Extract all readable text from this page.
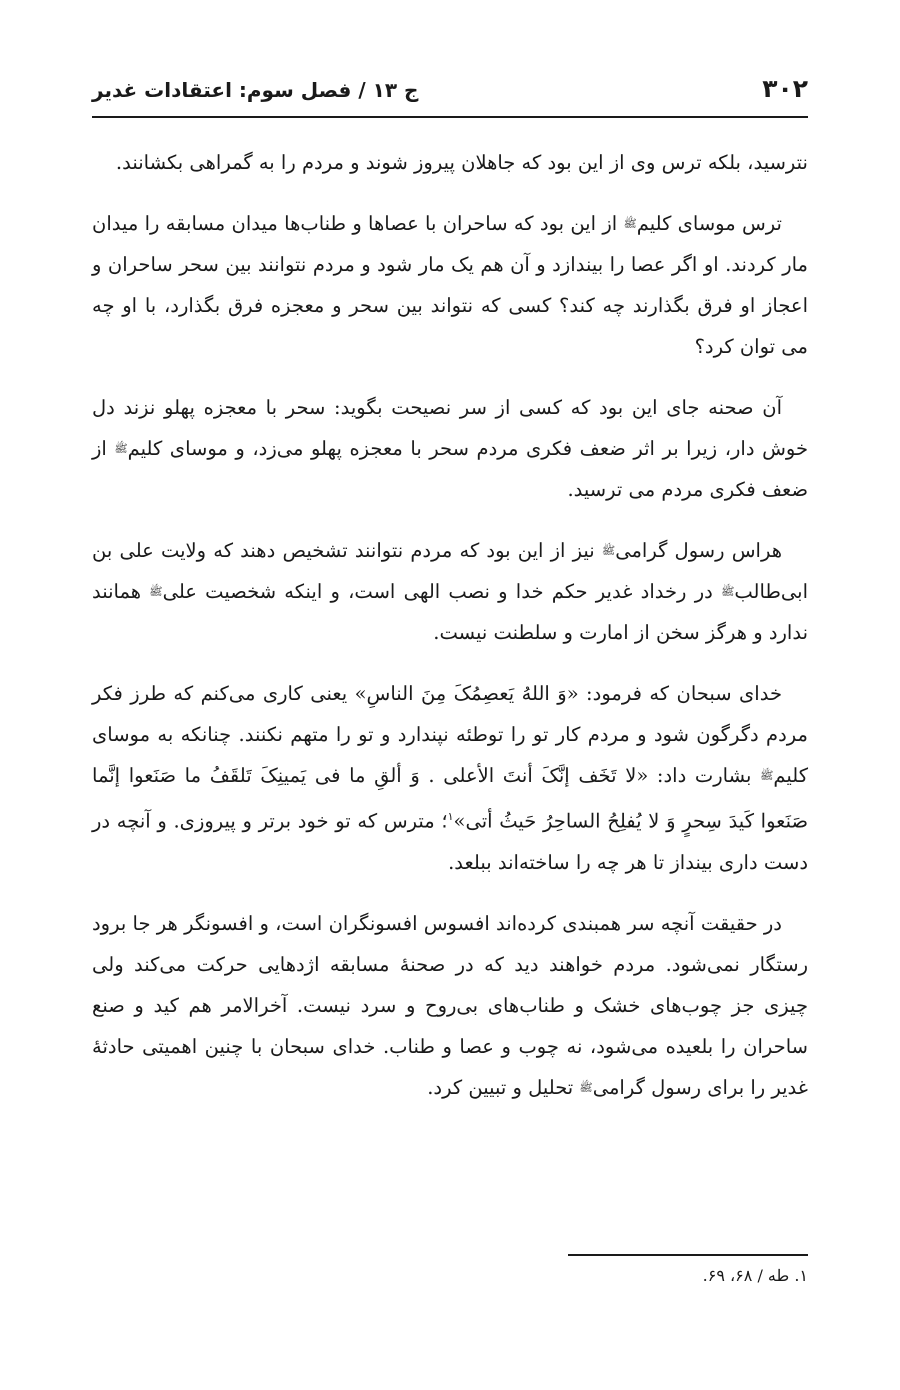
۳۰۲
ج ۱۳ / فصل سوم: اعتقادات غدیر

نترسید، بلکه ترس وی از این بود که جاهلان پیروز شوند و مردم را به گمراهی بکشانند.

ترس موسای کلیمﷺ از این بود که ساحران با عصاها و طناب‌ها میدان مسابقه را میدان مار کردند. او اگر عصا را بیندازد و آن هم یک مار شود و مردم نتوانند بین سحر ساحران و اعجاز او فرق بگذارند چه کند؟ کسی که نتواند بین سحر و معجزه فرق بگذارد، با او چه می توان کرد؟

آن صحنه جای این بود که کسی از سر نصیحت بگوید: سحر با معجزه پهلو نزند دل خوش دار، زیرا بر اثر ضعف فکری مردم سحر با معجزه پهلو می‌زد، و موسای کلیمﷺ از ضعف فکری مردم می ترسید.

هراس رسول گرامیﷺ نیز از این بود که مردم نتوانند تشخیص دهند که ولایت علی بن ابی‌طالبﷺ در رخداد غدیر حکم خدا و نصب الهی است، و اینکه شخصیت علیﷺ همانند ندارد و هرگز سخن از امارت و سلطنت نیست.

خدای سبحان که فرمود: «وَ اللهُ یَعصِمُکَ مِنَ الناسِ» یعنی کاری می‌کنم که طرز فکر مردم دگرگون شود و مردم کار تو را توطئه نپندارد و تو را متهم نکنند. چنانکه به موسای کلیمﷺ بشارت داد: «لا تَخَف إنَّکَ أنتَ الأعلی . وَ ألقِ ما فی یَمینِکَ تَلقَفُ ما صَنَعوا إنَّما صَنَعوا کَیدَ سِحرٍ وَ لا یُفلِحُ الساحِرُ حَیثُ أتی»$^۱$؛ مترس که تو خود برتر و پیروزی. و آنچه در دست داری بینداز تا هر چه را ساخته‌اند ببلعد.

در حقیقت آنچه سر همبندی کرده‌اند افسوس افسونگران است، و افسونگر هر جا برود رستگار نمی‌شود. مردم خواهند دید که در صحنهٔ مسابقه اژدهایی حرکت می‌کند ولی چیزی جز چوب‌های خشک و طناب‌های بی‌روح و سرد نیست. آخرالامر هم کید و صنع ساحران را بلعیده می‌شود، نه چوب و عصا و طناب. خدای سبحان با چنین اهمیتی حادثهٔ غدیر را برای رسول گرامیﷺ تحلیل و تبیین کرد.

۱. طه / ۶۸، ۶۹.
